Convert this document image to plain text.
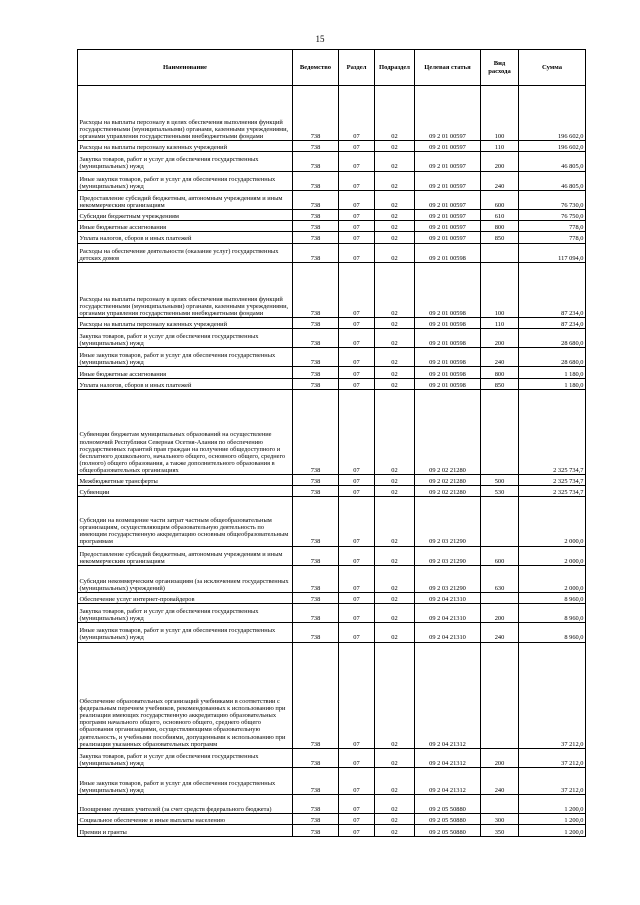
15
Наименование	Ведомство	Раздел	Подраздел	Целевая статья	Вид расхода	Сумма
Расходы на выплаты персоналу в целях обеспечения выполнения функций государственными (муниципальными) органами, казенными учреждениями, органами управления государственными внебюджетными фондами	738	07	02	09 2 01 00597	100	196 602,0
Расходы на выплаты персоналу казенных учреждений	738	07	02	09 2 01 00597	110	196 602,0
Закупка товаров, работ и услуг для обеспечения государственных (муниципальных) нужд	738	07	02	09 2 01 00597	200	46 805,0
Иные закупки товаров, работ и услуг для обеспечения государственных (муниципальных) нужд	738	07	02	09 2 01 00597	240	46 805,0
Предоставление субсидий бюджетным, автономным учреждениям и иным некоммерческим организациям	738	07	02	09 2 01 00597	600	76 730,0
Субсидии бюджетным учреждениям	738	07	02	09 2 01 00597	610	76 750,0
Иные бюджетные ассигнования	738	07	02	09 2 01 00597	800	778,0
Уплата налогов, сборов и иных платежей	738	07	02	09 2 01 00597	850	778,0
Расходы на обеспечение деятельности (оказание услуг) государственных детских домов	738	07	02	09 2 01 00598		117 094,0
Расходы на выплаты персоналу в целях обеспечения выполнения функций государственными (муниципальными) органами, казенными учреждениями, органами управления государственными внебюджетными фондами	738	07	02	09 2 01 00598	100	87 234,0
Расходы на выплаты персоналу казенных учреждений	738	07	02	09 2 01 00598	110	87 234,0
Закупка товаров, работ и услуг для обеспечения государственных (муниципальных) нужд	738	07	02	09 2 01 00598	200	28 680,0
Иные закупки товаров, работ и услуг для обеспечения государственных (муниципальных) нужд	738	07	02	09 2 01 00598	240	28 680,0
Иные бюджетные ассигнования	738	07	02	09 2 01 00598	800	1 180,0
Уплата налогов, сборов и иных платежей	738	07	02	09 2 01 00598	850	1 180,0
Субвенции бюджетам муниципальных образований на осуществление полномочий Республики Северная Осетия-Алания по обеспечению государственных гарантий прав граждан на получение общедоступного и бесплатного дошкольного, начального общего, основного общего, среднего (полного) общего образования, а также дополнительного образования в общеобразовательных организациях	738	07	02	09 2 02 21280		2 325 734,7
Межбюджетные трансферты	738	07	02	09 2 02 21280	500	2 325 734,7
Субвенции	738	07	02	09 2 02 21280	530	2 325 734,7
Субсидии на возмещение части затрат частным общеобразовательным организациям, осуществляющим образовательную деятельность по имеющим государственную аккредитацию основным общеобразовательным программам	738	07	02	09 2 03 21290		2 000,0
Предоставление субсидий бюджетным, автономным учреждениям и иным некоммерческим организациям	738	07	02	09 2 03 21290	600	2 000,0
Субсидии некоммерческим организациям (за исключением государственных (муниципальных) учреждений)	738	07	02	09 2 03 21290	630	2 000,0
Обеспечение услуг интернет-провайдеров	738	07	02	09 2 04 21310		8 960,0
Закупка товаров, работ и услуг для обеспечения государственных (муниципальных) нужд	738	07	02	09 2 04 21310	200	8 960,0
Иные закупки товаров, работ и услуг для обеспечения государственных (муниципальных) нужд	738	07	02	09 2 04 21310	240	8 960,0
Обеспечение образовательных организаций учебниками в соответствии с федеральным перечнем учебников, рекомендованных к использованию при реализации имеющих государственную аккредитацию образовательных программ начального общего, основного общего, среднего общего образования организациями, осуществляющими образовательную деятельность, и учебными пособиями, допущенными к использованию при реализации указанных образовательных программ	738	07	02	09 2 04 21312		37 212,0
Закупка товаров, работ и услуг для обеспечения государственных (муниципальных) нужд	738	07	02	09 2 04 21312	200	37 212,0
Иные закупки товаров, работ и услуг для обеспечения государственных (муниципальных) нужд	738	07	02	09 2 04 21312	240	37 212,0
Поощрение лучших учителей (за счет средств федерального бюджета)	738	07	02	09 2 05 50880		1 200,0
Социальное обеспечение и иные выплаты населению	738	07	02	09 2 05 50880	300	1 200,0
Премии и гранты	738	07	02	09 2 05 50880	350	1 200,0
